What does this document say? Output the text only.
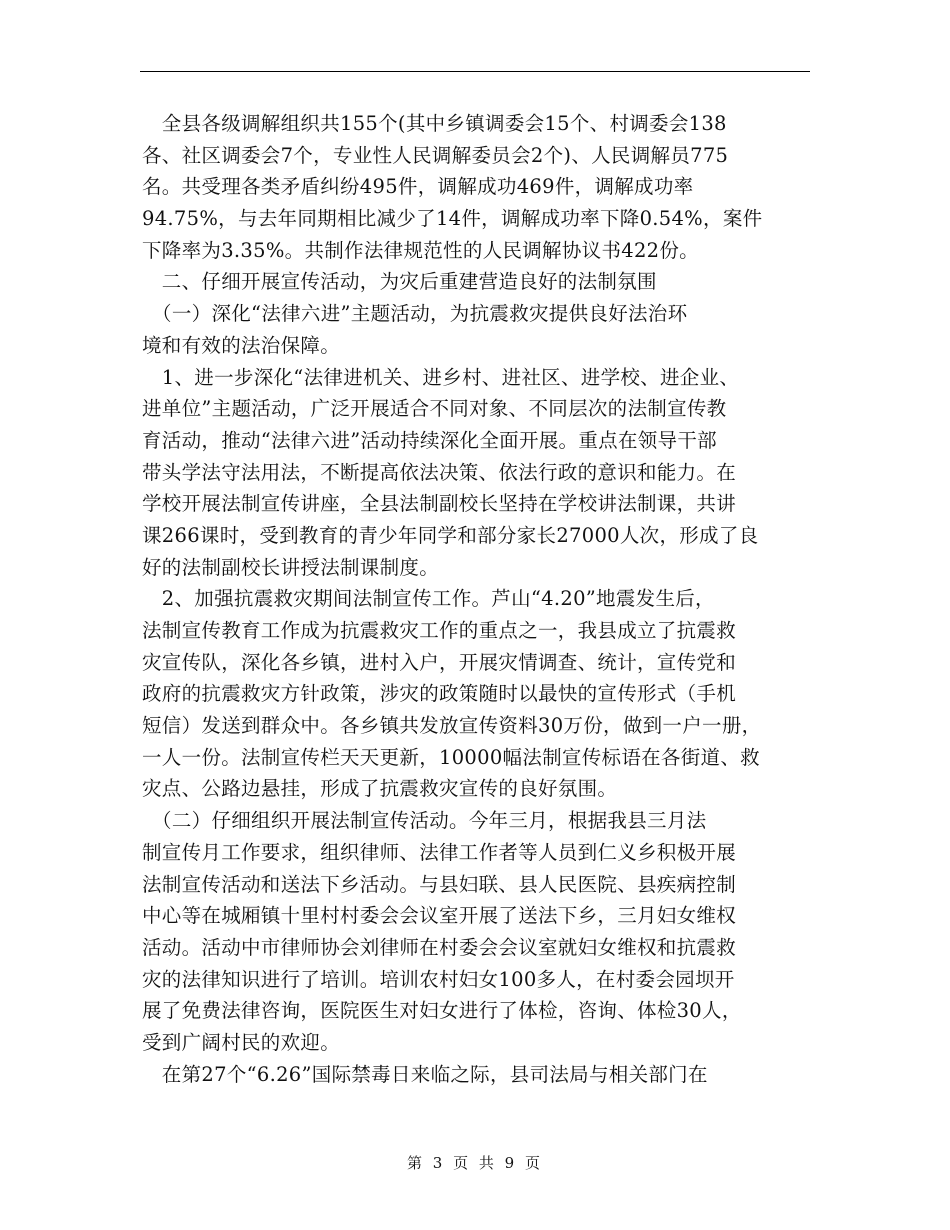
　全县各级调解组织共155个(其中乡镇调委会15个、村调委会138
各、社区调委会7个，专业性人民调解委员会2个)、人民调解员775
名。共受理各类矛盾纠纷495件，调解成功469件，调解成功率
94.75%，与去年同期相比减少了14件，调解成功率下降0.54%，案件
下降率为3.35%。共制作法律规范性的人民调解协议书422份。
　二、仔细开展宣传活动，为灾后重建营造良好的法制氛围
　（一）深化“法律六进”主题活动，为抗震救灾提供良好法治环
境和有效的法治保障。
　1、进一步深化“法律进机关、进乡村、进社区、进学校、进企业、
进单位”主题活动，广泛开展适合不同对象、不同层次的法制宣传教
育活动，推动“法律六进”活动持续深化全面开展。重点在领导干部
带头学法守法用法，不断提高依法决策、依法行政的意识和能力。在
学校开展法制宣传讲座，全县法制副校长坚持在学校讲法制课，共讲
课266课时，受到教育的青少年同学和部分家长27000人次，形成了良
好的法制副校长讲授法制课制度。
　2、加强抗震救灾期间法制宣传工作。芦山“4.20”地震发生后，
法制宣传教育工作成为抗震救灾工作的重点之一，我县成立了抗震救
灾宣传队，深化各乡镇，进村入户，开展灾情调查、统计，宣传党和
政府的抗震救灾方针政策，涉灾的政策随时以最快的宣传形式（手机
短信）发送到群众中。各乡镇共发放宣传资料30万份，做到一户一册，
一人一份。法制宣传栏天天更新，10000幅法制宣传标语在各街道、救
灾点、公路边悬挂，形成了抗震救灾宣传的良好氛围。
　（二）仔细组织开展法制宣传活动。今年三月，根据我县三月法
制宣传月工作要求，组织律师、法律工作者等人员到仁义乡积极开展
法制宣传活动和送法下乡活动。与县妇联、县人民医院、县疾病控制
中心等在城厢镇十里村村委会会议室开展了送法下乡，三月妇女维权
活动。活动中市律师协会刘律师在村委会会议室就妇女维权和抗震救
灾的法律知识进行了培训。培训农村妇女100多人，在村委会园坝开
展了免费法律咨询，医院医生对妇女进行了体检，咨询、体检30人，
受到广阔村民的欢迎。
　在第27个“6.26”国际禁毒日来临之际，县司法局与相关部门在
第 3 页 共 9 页
